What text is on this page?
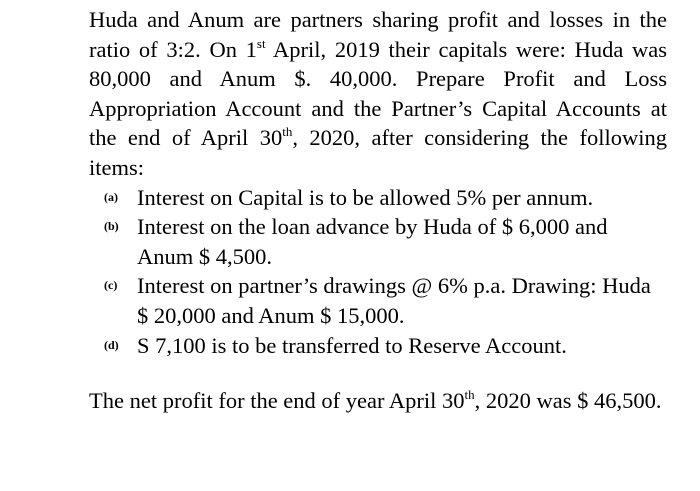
Huda and Anum are partners sharing profit and losses in the ratio of 3:2. On 1st April, 2019 their capitals were: Huda was 80,000 and Anum $. 40,000. Prepare Profit and Loss Appropriation Account and the Partner’s Capital Accounts at the end of April 30th, 2020, after considering the following items:

(a) Interest on Capital is to be allowed 5% per annum.
(b) Interest on the loan advance by Huda of $ 6,000 and Anum $ 4,500.
(c) Interest on partner’s drawings @ 6% p.a. Drawing: Huda $ 20,000 and Anum $ 15,000.
(d) S 7,100 is to be transferred to Reserve Account.

The net profit for the end of year April 30th, 2020 was $ 46,500.
